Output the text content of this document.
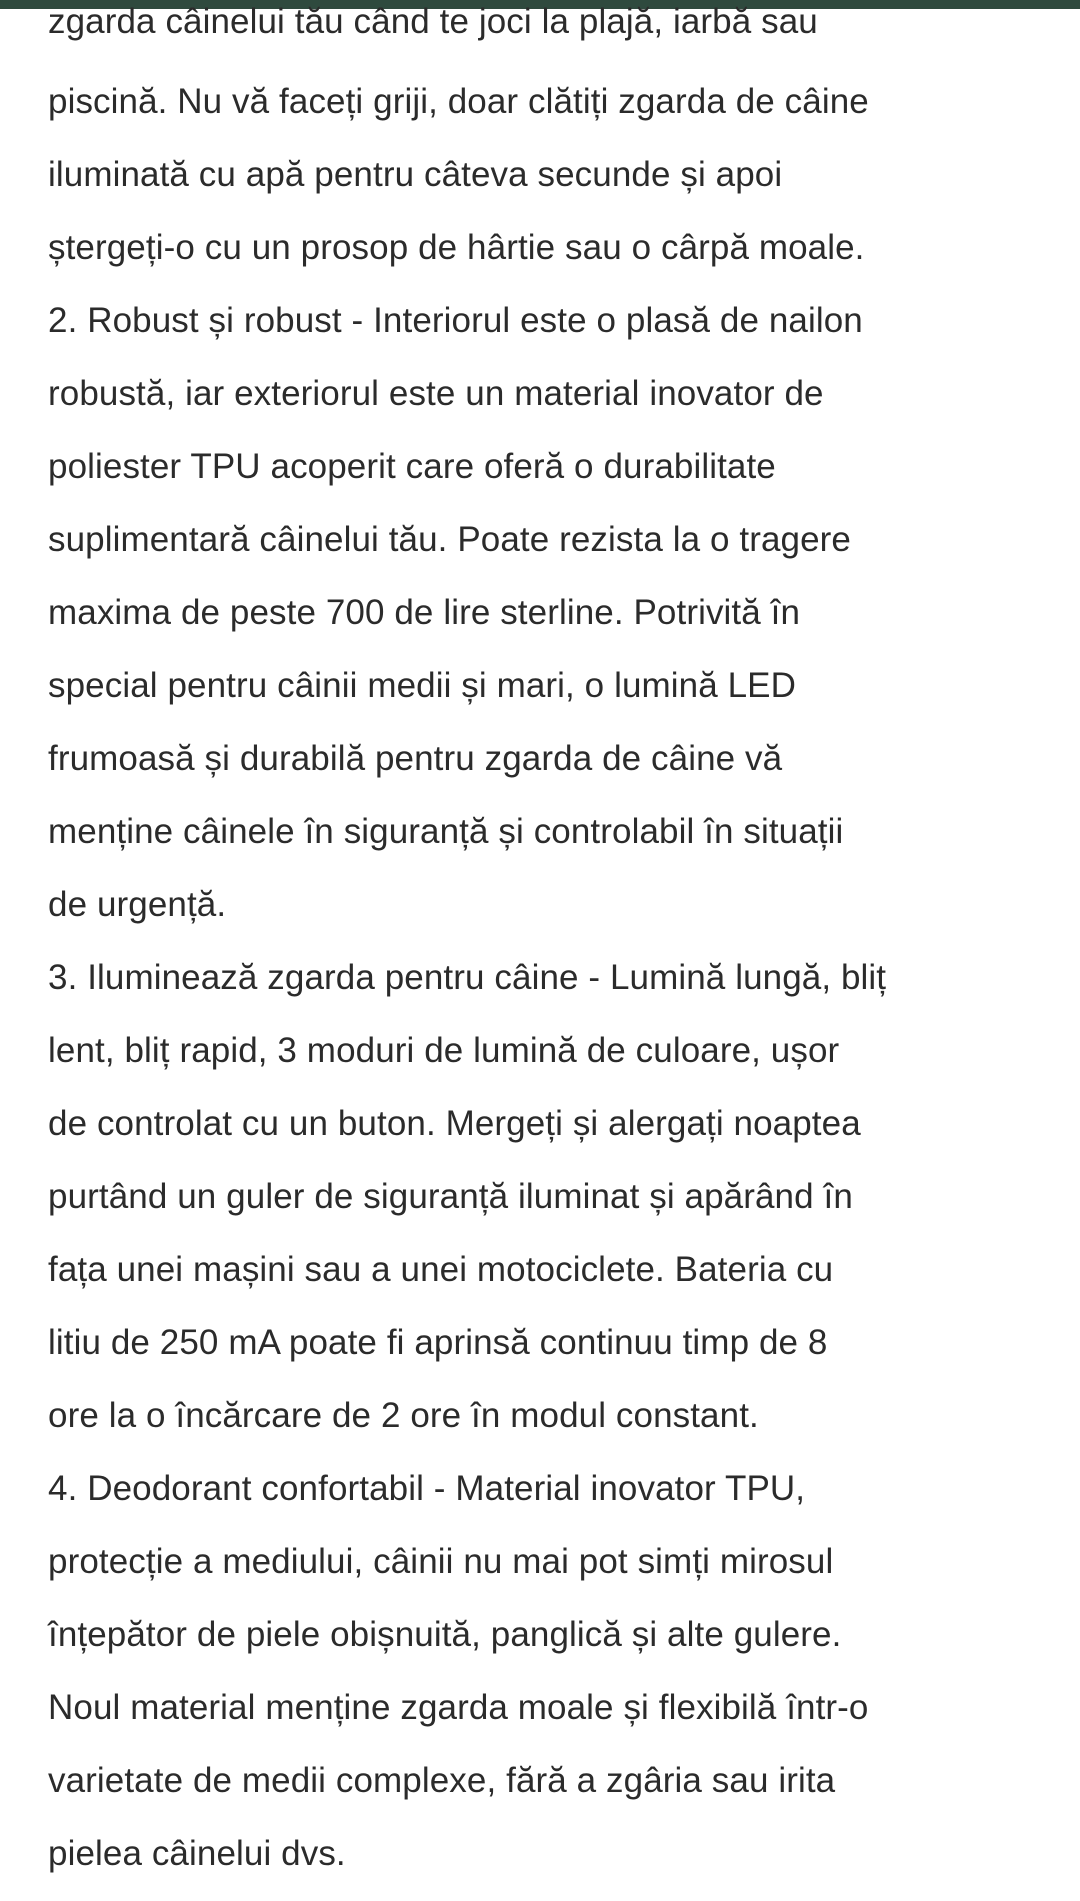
zgarda câinelui tău când te joci la plajă, iarbă sau
piscină. Nu vă faceți griji, doar clătiți zgarda de câine
iluminată cu apă pentru câteva secunde și apoi
ștergeți-o cu un prosop de hârtie sau o cârpă moale.
2. Robust și robust - Interiorul este o plasă de nailon
robustă, iar exteriorul este un material inovator de
poliester TPU acoperit care oferă o durabilitate
suplimentară câinelui tău. Poate rezista la o tragere
maxima de peste 700 de lire sterline. Potrivită în
special pentru câinii medii și mari, o lumină LED
frumoasă și durabilă pentru zgarda de câine vă
menține câinele în siguranță și controlabil în situații
de urgență.
3. Iluminează zgarda pentru câine - Lumină lungă, bliț
lent, bliț rapid, 3 moduri de lumină de culoare, ușor
de controlat cu un buton. Mergeți și alergați noaptea
purtând un guler de siguranță iluminat și apărând în
fața unei mașini sau a unei motociclete. Bateria cu
litiu de 250 mA poate fi aprinsă continuu timp de 8
ore la o încărcare de 2 ore în modul constant.
4. Deodorant confortabil - Material inovator TPU,
protecție a mediului, câinii nu mai pot simți mirosul
înțepător de piele obișnuită, panglică și alte gulere.
Noul material menține zgarda moale și flexibilă într-o
varietate de medii complexe, fără a zgâria sau irita
pielea câinelui dvs.
